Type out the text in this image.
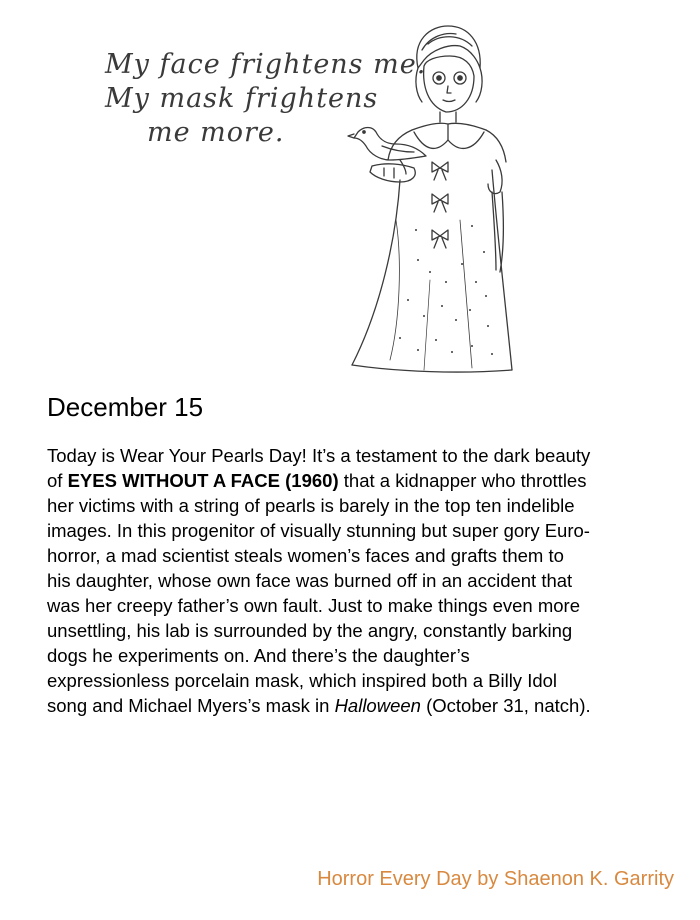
My face frightens me.
My mask frightens
me more.
December 15
Today is Wear Your Pearls Day! It’s a testament to the dark beauty of EYES WITHOUT A FACE (1960) that a kidnapper who throttles her victims with a string of pearls is barely in the top ten indelible images. In this progenitor of visually stunning but super gory Euro-horror, a mad scientist steals women’s faces and grafts them to his daughter, whose own face was burned off in an accident that was her creepy father’s own fault. Just to make things even more unsettling, his lab is surrounded by the angry, constantly barking dogs he experiments on. And there’s the daughter’s expressionless porcelain mask, which inspired both a Billy Idol song and Michael Myers’s mask in Halloween (October 31, natch).
Horror Every Day by Shaenon K. Garrity
